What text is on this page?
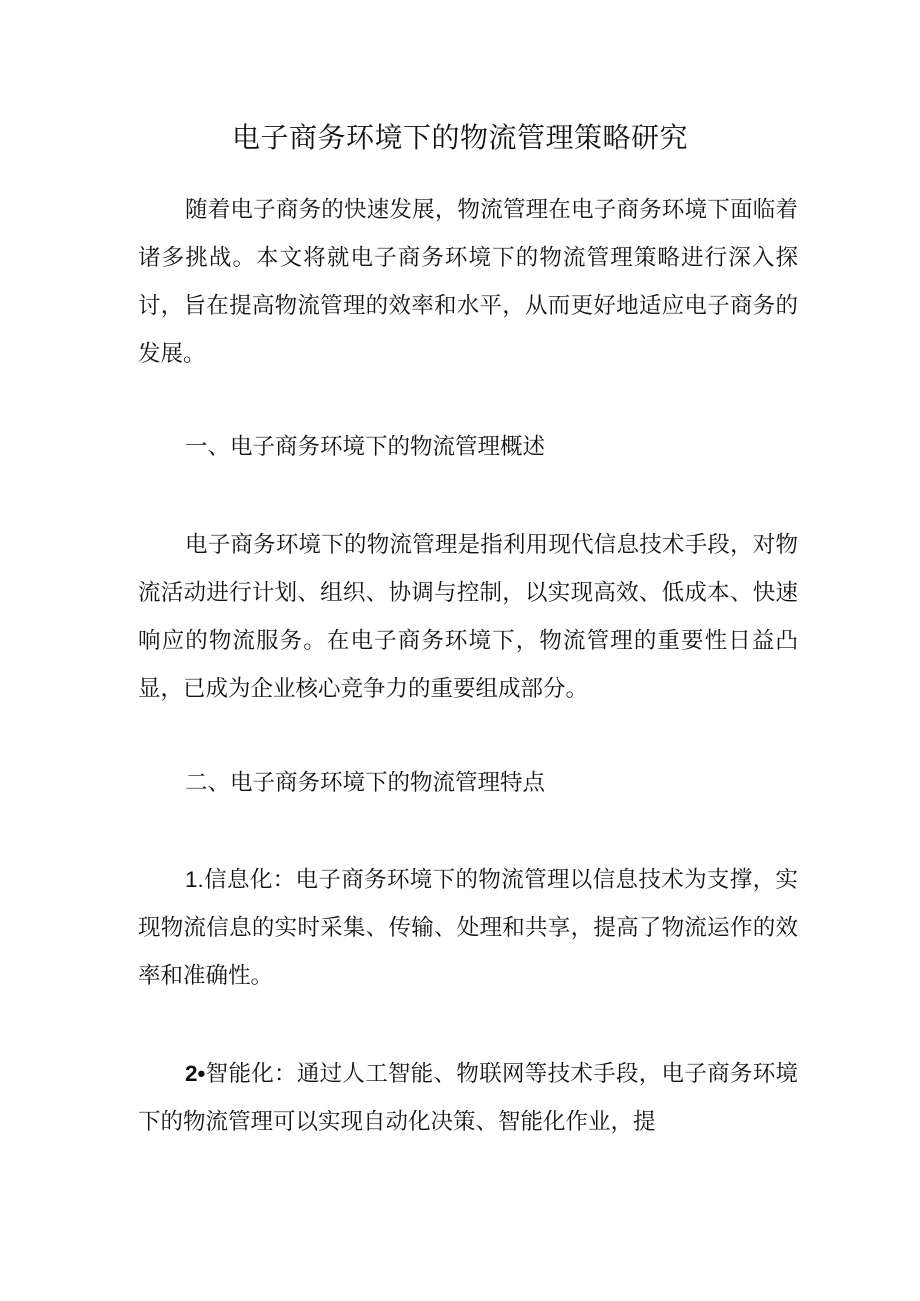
电子商务环境下的物流管理策略研究
随着电子商务的快速发展，物流管理在电子商务环境下面临着诸多挑战。本文将就电子商务环境下的物流管理策略进行深入探讨，旨在提高物流管理的效率和水平，从而更好地适应电子商务的发展。
一、电子商务环境下的物流管理概述
电子商务环境下的物流管理是指利用现代信息技术手段，对物流活动进行计划、组织、协调与控制，以实现高效、低成本、快速响应的物流服务。在电子商务环境下，物流管理的重要性日益凸显，已成为企业核心竞争力的重要组成部分。
二、电子商务环境下的物流管理特点
1.信息化：电子商务环境下的物流管理以信息技术为支撑，实现物流信息的实时采集、传输、处理和共享，提高了物流运作的效率和准确性。
2•智能化：通过人工智能、物联网等技术手段，电子商务环境下的物流管理可以实现自动化决策、智能化作业，提
